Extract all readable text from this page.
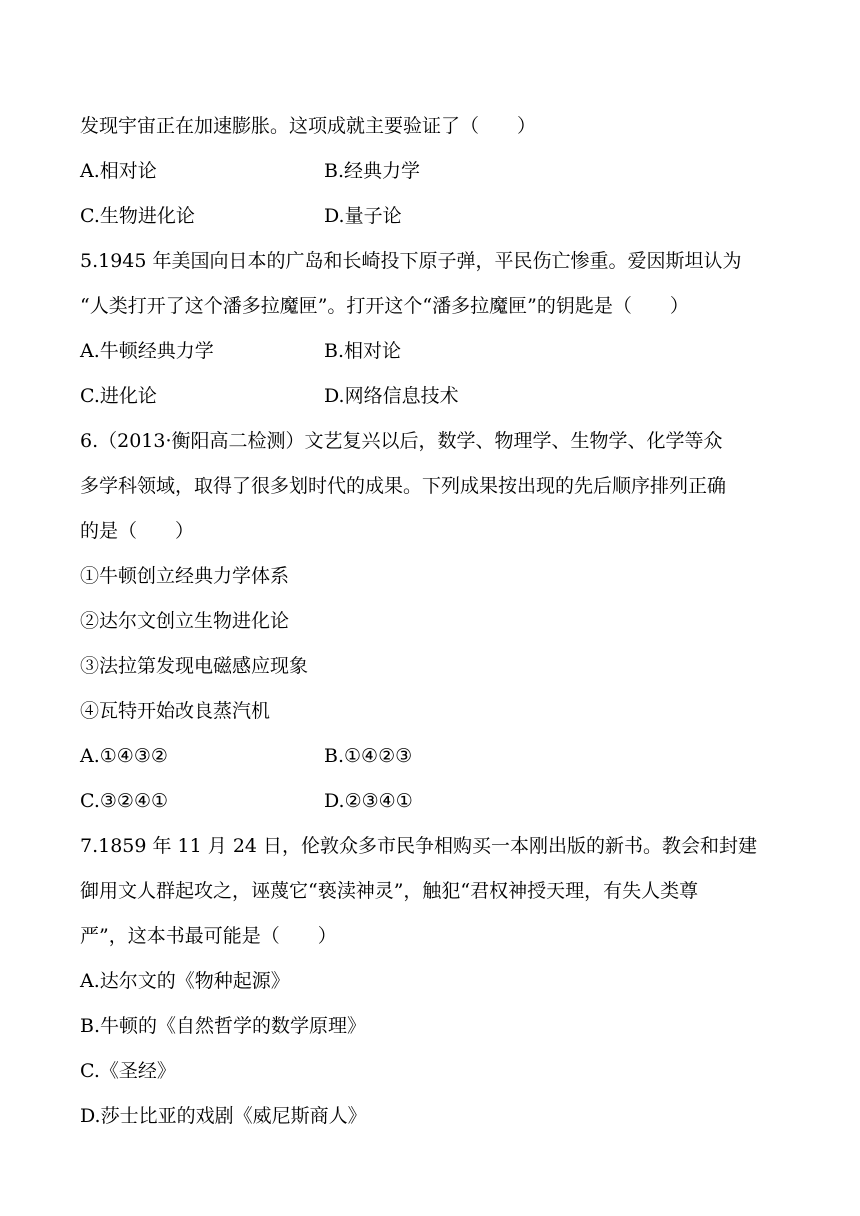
发现宇宙正在加速膨胀。这项成就主要验证了（　　）
A.相对论	B.经典力学
C.生物进化论	D.量子论
5.1945 年美国向日本的广岛和长崎投下原子弹，平民伤亡惨重。爱因斯坦认为
“人类打开了这个潘多拉魔匣”。打开这个“潘多拉魔匣”的钥匙是（　　）
A.牛顿经典力学	B.相对论
C.进化论	D.网络信息技术
6.（2013·衡阳高二检测）文艺复兴以后，数学、物理学、生物学、化学等众
多学科领域，取得了很多划时代的成果。下列成果按出现的先后顺序排列正确
的是（　　）
①牛顿创立经典力学体系
②达尔文创立生物进化论
③法拉第发现电磁感应现象
④瓦特开始改良蒸汽机
A.①④③②	B.①④②③
C.③②④①	D.②③④①
7.1859 年 11 月 24 日，伦敦众多市民争相购买一本刚出版的新书。教会和封建
御用文人群起攻之，诬蔑它“亵渎神灵”，触犯“君权神授天理，有失人类尊
严”，这本书最可能是（　　）
A.达尔文的《物种起源》
B.牛顿的《自然哲学的数学原理》
C.《圣经》
D.莎士比亚的戏剧《威尼斯商人》
